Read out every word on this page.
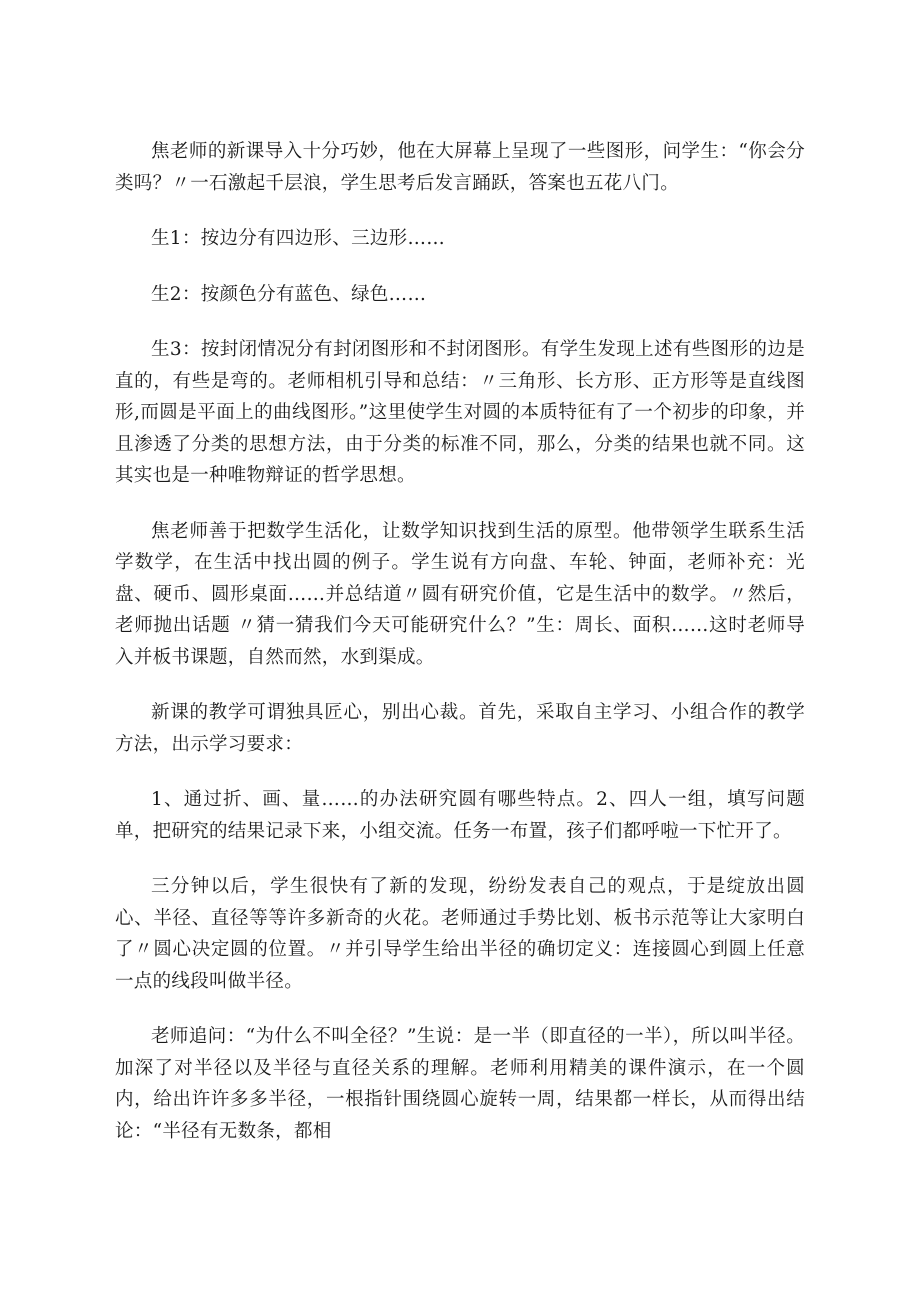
焦老师的新课导入十分巧妙，他在大屏幕上呈现了一些图形，问学生：“你会分类吗？〃一石激起千层浪，学生思考后发言踊跃，答案也五花八门。

生1：按边分有四边形、三边形……

生2：按颜色分有蓝色、绿色……

生3：按封闭情况分有封闭图形和不封闭图形。有学生发现上述有些图形的边是直的，有些是弯的。老师相机引导和总结：〃三角形、长方形、正方形等是直线图形,而圆是平面上的曲线图形。”这里使学生对圆的本质特征有了一个初步的印象，并且渗透了分类的思想方法，由于分类的标准不同，那么，分类的结果也就不同。这其实也是一种唯物辩证的哲学思想。

焦老师善于把数学生活化，让数学知识找到生活的原型。他带领学生联系生活学数学，在生活中找出圆的例子。学生说有方向盘、车轮、钟面，老师补充：光盘、硬币、圆形桌面……并总结道〃圆有研究价值，它是生活中的数学。〃然后，老师抛出话题 〃猜一猜我们今天可能研究什么？”生：周长、面积……这时老师导入并板书课题，自然而然，水到渠成。

新课的教学可谓独具匠心，别出心裁。首先，采取自主学习、小组合作的教学方法，出示学习要求：

1、通过折、画、量……的办法研究圆有哪些特点。2、四人一组，填写问题单，把研究的结果记录下来，小组交流。任务一布置，孩子们都呼啦一下忙开了。

三分钟以后，学生很快有了新的发现，纷纷发表自己的观点，于是绽放出圆心、半径、直径等等许多新奇的火花。老师通过手势比划、板书示范等让大家明白了〃圆心决定圆的位置。〃并引导学生给出半径的确切定义：连接圆心到圆上任意一点的线段叫做半径。

老师追问：“为什么不叫全径？”生说：是一半（即直径的一半），所以叫半径。加深了对半径以及半径与直径关系的理解。老师利用精美的课件演示，在一个圆内，给出许许多多半径，一根指针围绕圆心旋转一周，结果都一样长，从而得出结论：“半径有无数条，都相
